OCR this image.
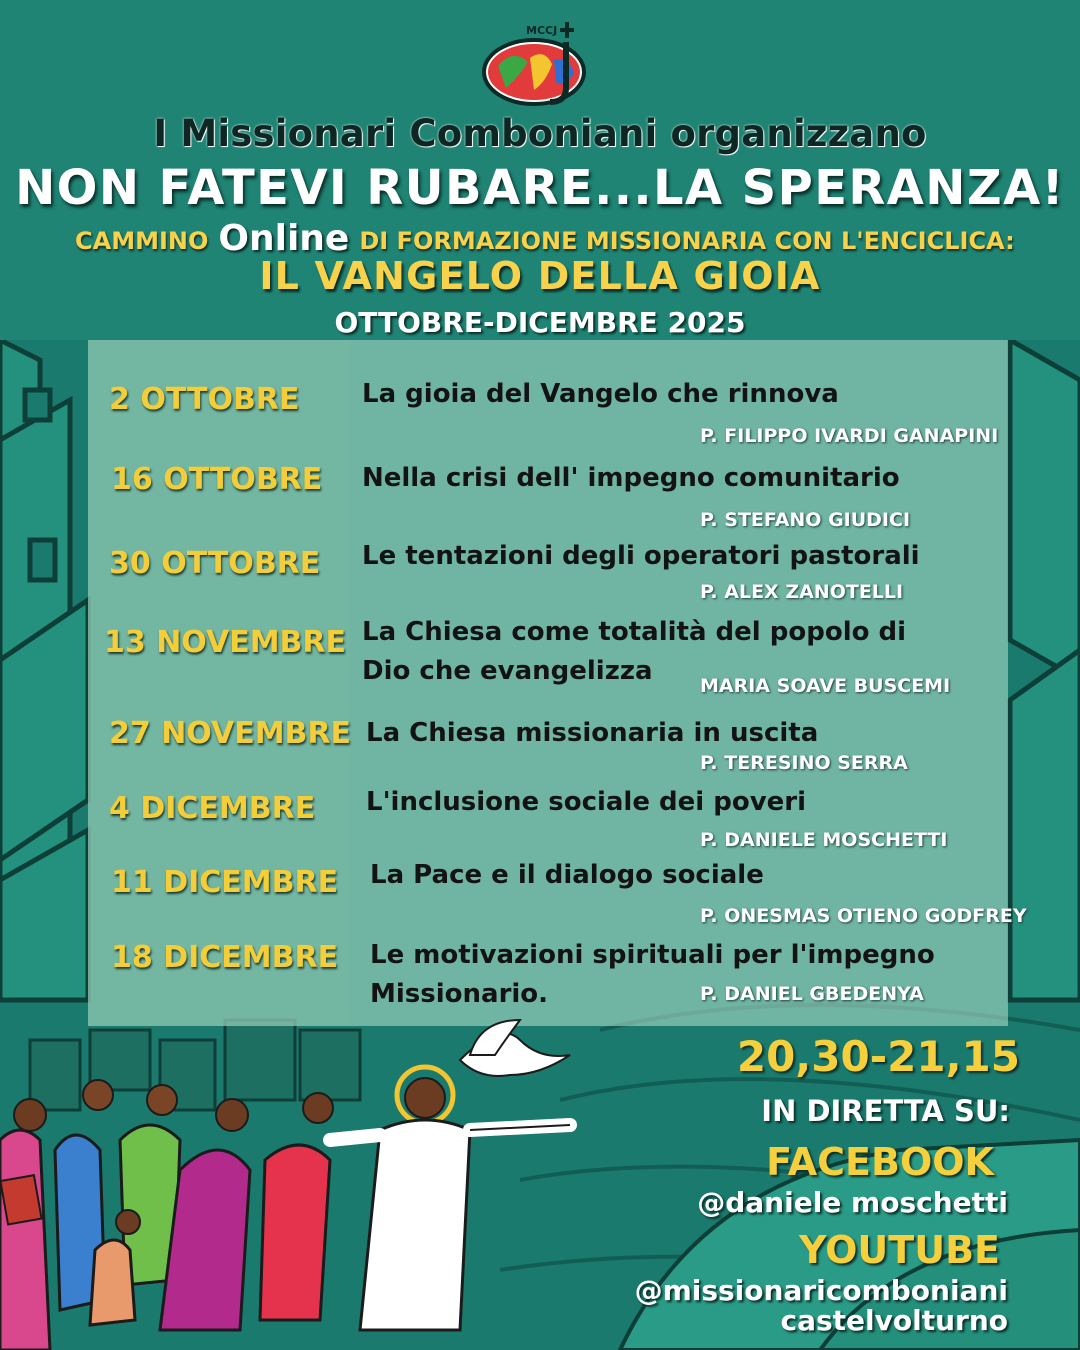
MCCJ
I Missionari Comboniani organizzano
NON FATEVI RUBARE...LA SPERANZA!
CAMMINO Online DI FORMAZIONE MISSIONARIA CON L'ENCICLICA:
IL VANGELO DELLA GIOIA
OTTOBRE-DICEMBRE 2025
2 OTTOBRE La gioia del Vangelo che rinnova
P. FILIPPO IVARDI GANAPINI
16 OTTOBRE Nella crisi dell' impegno comunitario
P. STEFANO GIUDICI
30 OTTOBRE Le tentazioni degli operatori pastorali
P. ALEX ZANOTELLI
13 NOVEMBRE La Chiesa come totalità del popolo di
Dio che evangelizza MARIA SOAVE BUSCEMI
27 NOVEMBRE La Chiesa missionaria in uscita
P. TERESINO SERRA
4 DICEMBRE L'inclusione sociale dei poveri
P. DANIELE MOSCHETTI
11 DICEMBRE La Pace e il dialogo sociale
P. ONESMAS OTIENO GODFREY
18 DICEMBRE Le motivazioni spirituali per l'impegno
Missionario.	P. DANIEL GBEDENYA
20,30-21,15
IN DIRETTA SU:
FACEBOOK
@daniele moschetti
YOUTUBE
@missionaricomboniani
castelvolturno
